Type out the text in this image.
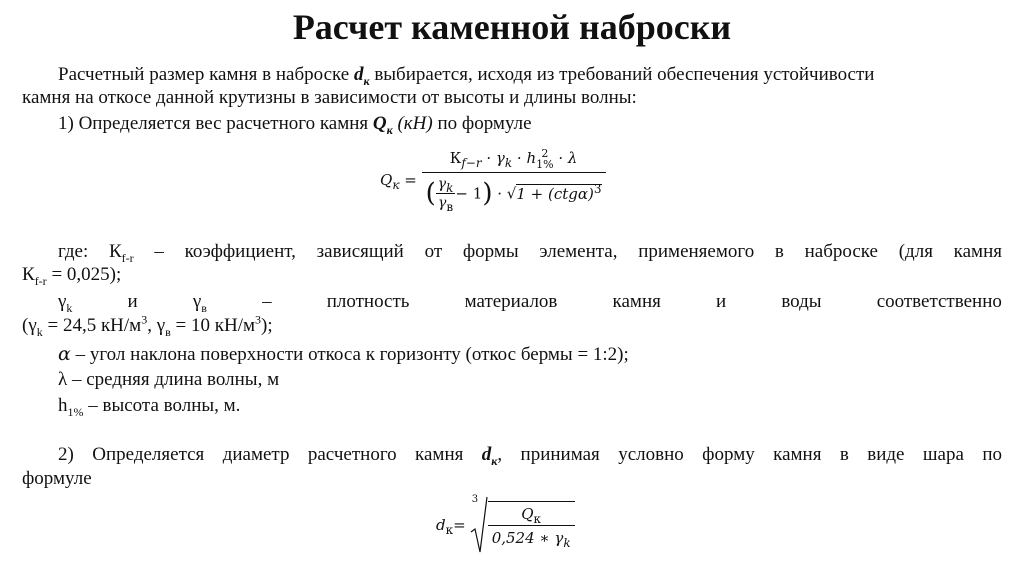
Расчет каменной наброски
Расчетный размер камня в наброске $d_к$ выбирается, исходя из требований обеспечения устойчивости
камня на откосе данной крутизны в зависимости от высоты и длины волны:
1) Определяется вес расчетного камня $Q_к$ (кН) по формуле
$Q_к = К_{f-r} \cdot \gamma_k \cdot h$ 2
1% · λ
( $\frac{\gamma_k}{\gamma_в} - 1) \cdot √1 + (ctg\alpha)^3$
где: $К_{f-r}$ – коэффициент, зависящий от формы элемента, применяемого в наброске (для камня
$К_{f-r} = 0,025$);
$\gamma_k$	и	$\gamma_в$	–	плотность	материалов	камня	и	воды	соответственно
($\gamma_k = 24,5$ $кН/м^3$, $\gamma_в = 10$ $кН/м^3$);
α – угол наклона поверхности откоса к горизонту (откос бермы = 1:2);
λ – средняя длина волны, м
$h_{1\%}$ – высота волны, м.
2) Определяется диаметр расчетного камня $d_к$, принимая условно форму камня в виде шара по
формуле
$d_к=$
3
$\frac{Q_к}{0,524 ∗ \gamma_k}$
